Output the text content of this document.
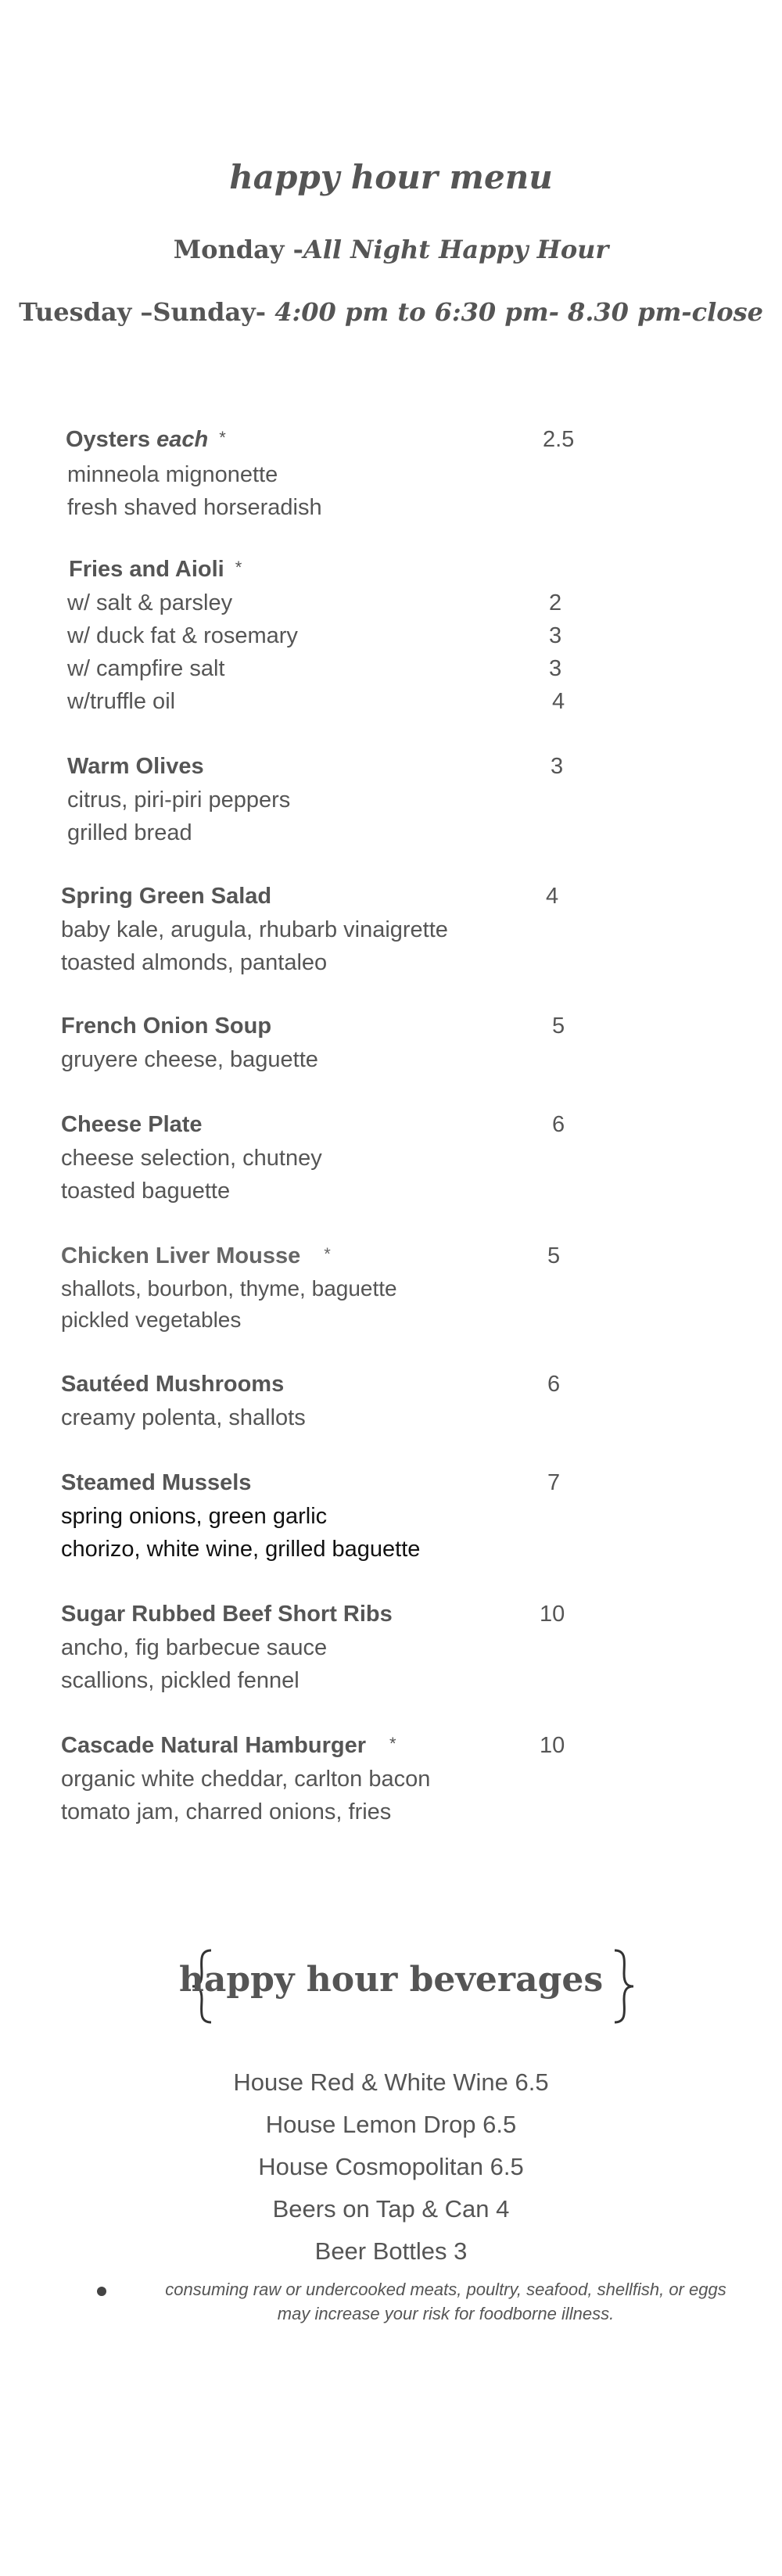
happy hour menu
Monday -All Night Happy Hour
Tuesday –Sunday- 4:00 pm to 6:30 pm- 8.30 pm-close
Oysters each *	2.5
minneola mignonette
fresh shaved horseradish
Fries and Aioli *
w/ salt & parsley	2
w/ duck fat & rosemary	3
w/ campfire salt	3
w/truffle oil	4
Warm Olives	3
citrus, piri-piri peppers
grilled bread
Spring Green Salad	4
baby kale, arugula, rhubarb vinaigrette
toasted almonds, pantaleo
French Onion Soup	5
gruyere cheese, baguette
Cheese Plate	6
cheese selection, chutney
toasted baguette
Chicken Liver Mousse *	5
shallots, bourbon, thyme, baguette
pickled vegetables
Sautéed Mushrooms	6
creamy polenta, shallots
Steamed Mussels	7
spring onions, green garlic
chorizo, white wine, grilled baguette
Sugar Rubbed Beef Short Ribs	10
ancho, fig barbecue sauce
scallions, pickled fennel
Cascade Natural Hamburger *	10
organic white cheddar, carlton bacon
tomato jam, charred onions, fries
happy hour beverages
House Red & White Wine 6.5
House Lemon Drop 6.5
House Cosmopolitan 6.5
Beers on Tap & Can 4
Beer Bottles 3
consuming raw or undercooked meats, poultry, seafood, shellfish, or eggs
may increase your risk for foodborne illness.
